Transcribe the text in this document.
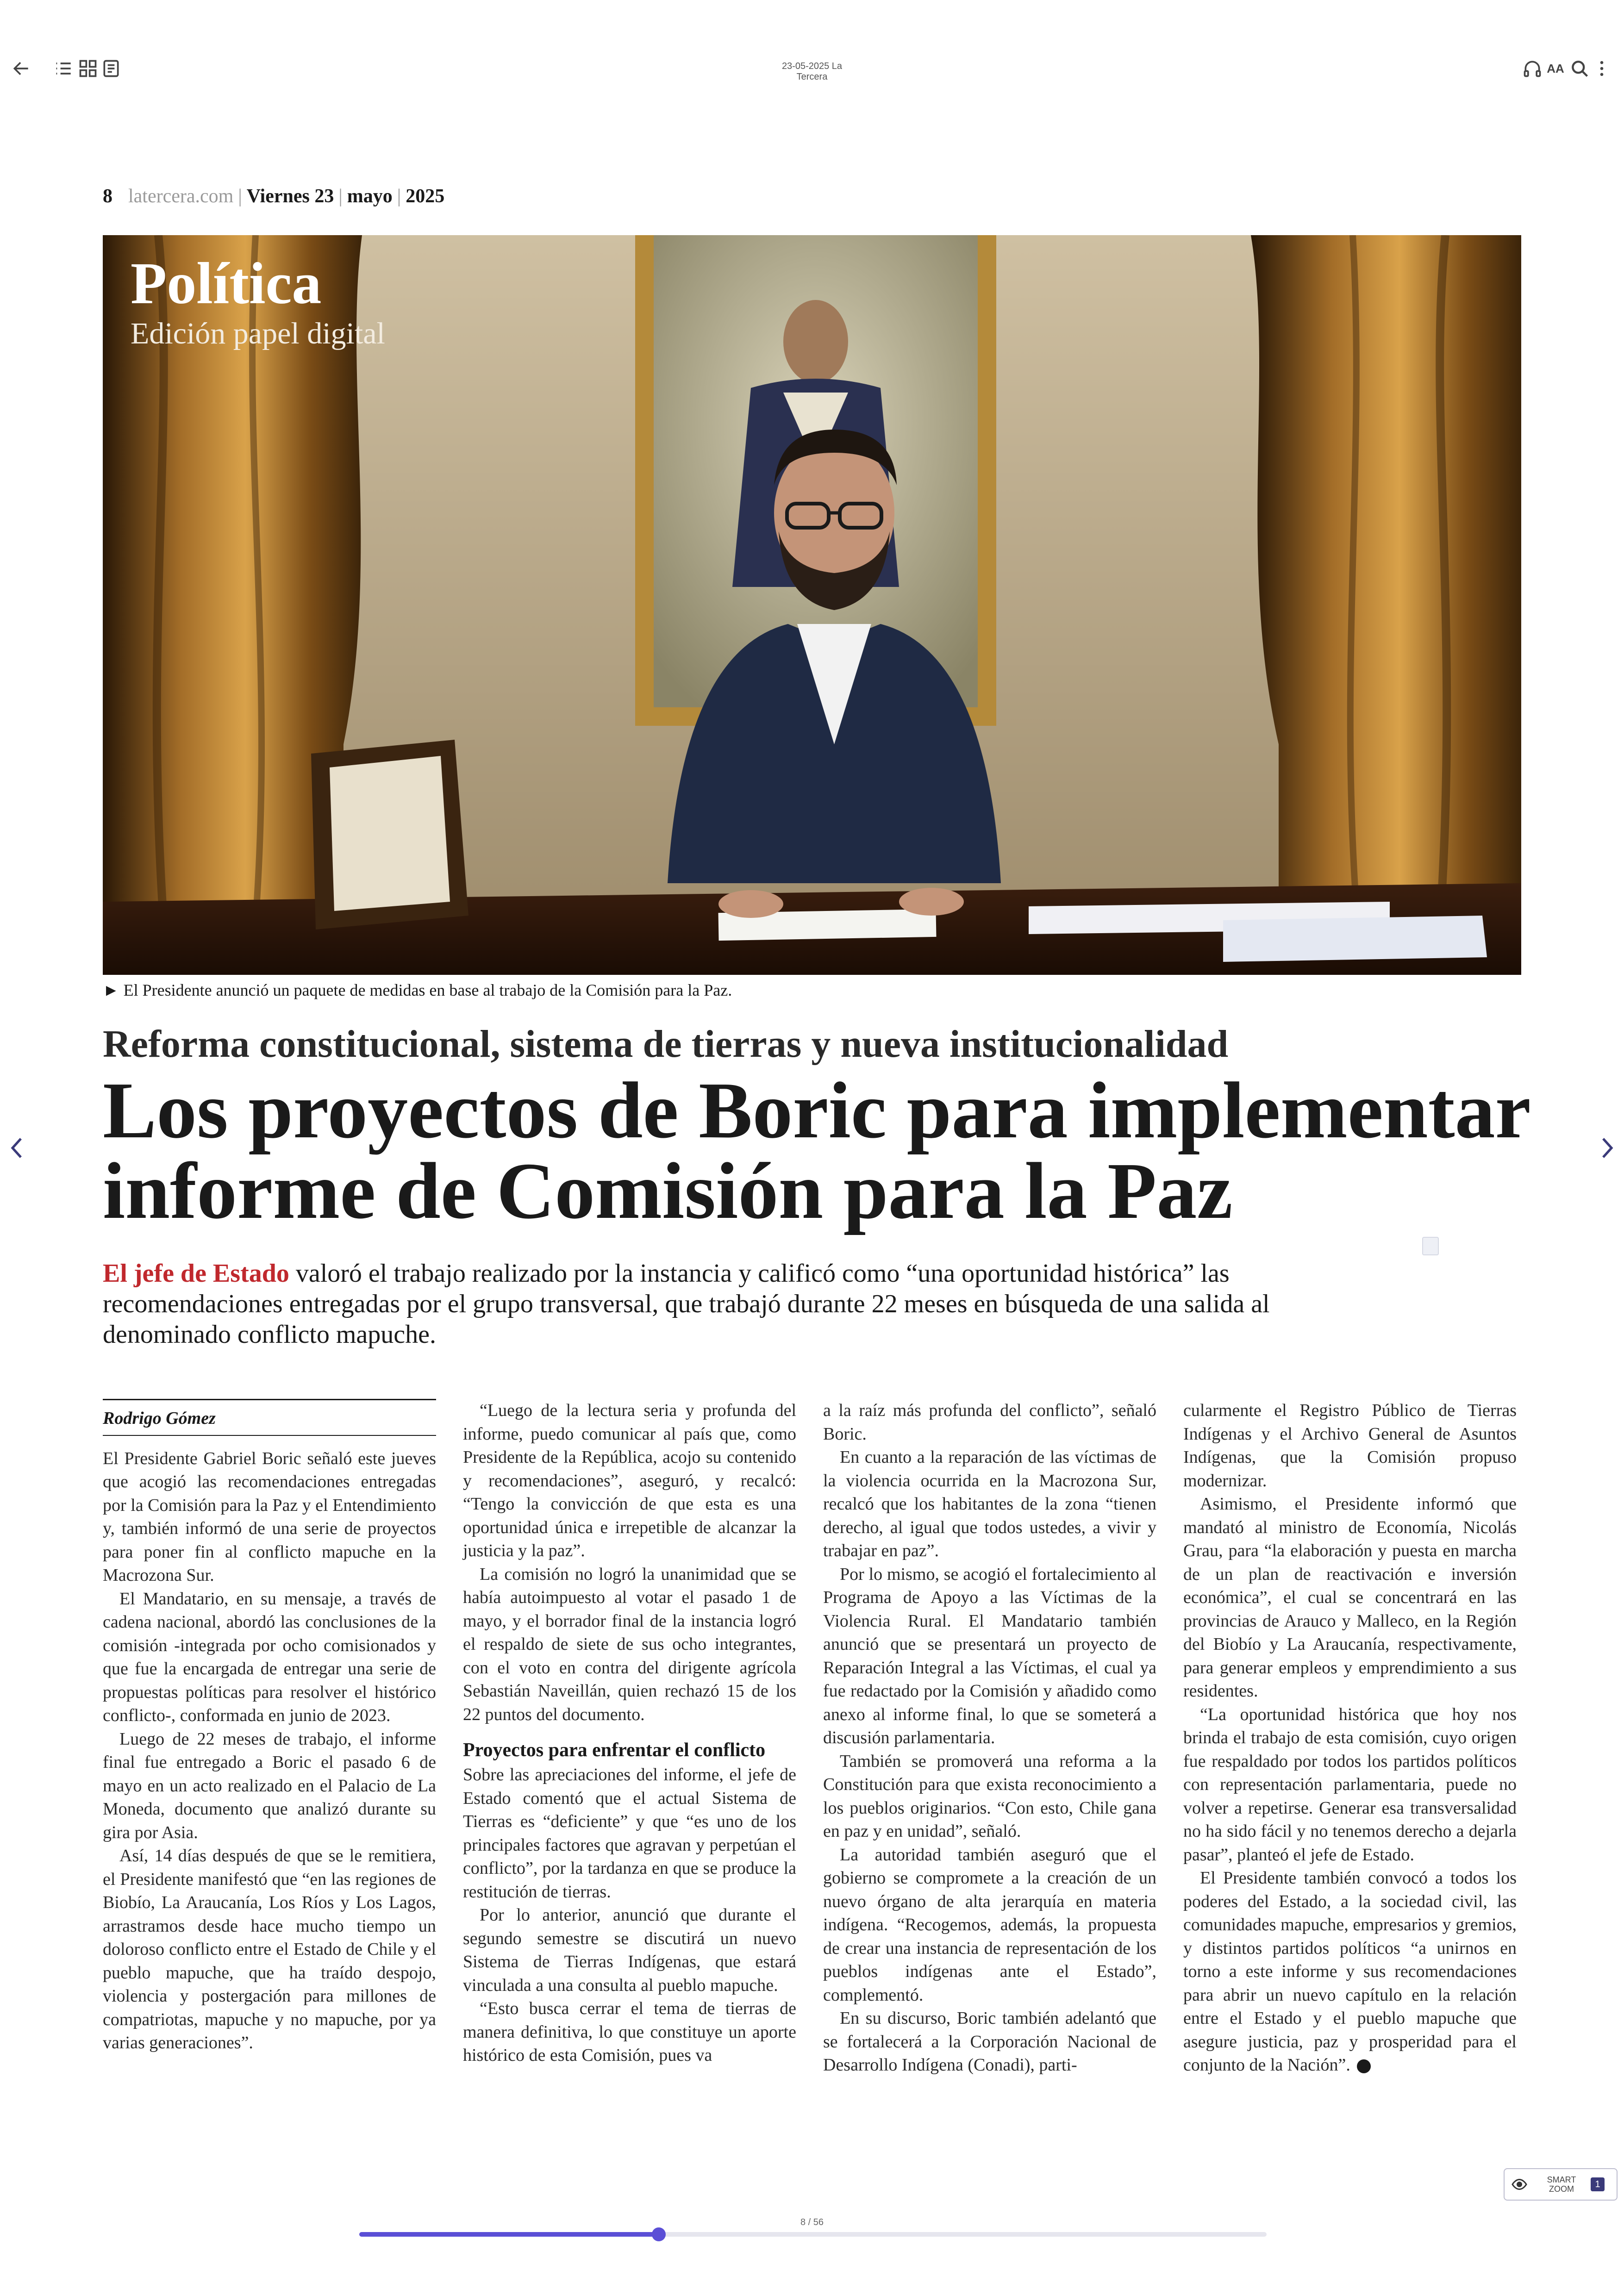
23-05-2025 La Tercera
AA
8 latercera.com | Viernes 23 | mayo | 2025
Política
Edición papel digital
► El Presidente anunció un paquete de medidas en base al trabajo de la Comisión para la Paz.
Reforma constitucional, sistema de tierras y nueva institucionalidad
Los proyectos de Boric para implementar
informe de Comisión para la Paz
El jefe de Estado valoró el trabajo realizado por la instancia y calificó como “una oportunidad histórica” las recomendaciones entregadas por el grupo transversal, que trabajó durante 22 meses en búsqueda de una salida al denominado conflicto mapuche.
Rodrigo Gómez

El Presidente Gabriel Boric señaló este jueves que acogió las recomendaciones entregadas por la Comisión para la Paz y el Entendimiento y, también informó de una serie de proyectos para poner fin al conflicto mapuche en la Macrozona Sur.

El Mandatario, en su mensaje, a través de cadena nacional, abordó las conclusiones de la comisión -integrada por ocho comisionados y que fue la encargada de entregar una serie de propuestas políticas para resolver el histórico conflicto-, conformada en junio de 2023.

Luego de 22 meses de trabajo, el informe final fue entregado a Boric el pasado 6 de mayo en un acto realizado en el Palacio de La Moneda, documento que analizó durante su gira por Asia.

Así, 14 días después de que se le remitiera, el Presidente manifestó que “en las regiones de Biobío, La Araucanía, Los Ríos y Los Lagos, arrastramos desde hace mucho tiempo un doloroso conflicto entre el Estado de Chile y el pueblo mapuche, que ha traído despojo, violencia y postergación para millones de compatriotas, mapuche y no mapuche, por ya varias generaciones”.

“Luego de la lectura seria y profunda del informe, puedo comunicar al país que, como Presidente de la República, acojo su contenido y recomendaciones”, aseguró, y recalcó: “Tengo la convicción de que esta es una oportunidad única e irrepetible de alcanzar la justicia y la paz”.

La comisión no logró la unanimidad que se había autoimpuesto al votar el pasado 1 de mayo, y el borrador final de la instancia logró el respaldo de siete de sus ocho integrantes, con el voto en contra del dirigente agrícola Sebastián Naveillán, quien rechazó 15 de los 22 puntos del documento.

Proyectos para enfrentar el conflicto

Sobre las apreciaciones del informe, el jefe de Estado comentó que el actual Sistema de Tierras es “deficiente” y que “es uno de los principales factores que agravan y perpetúan el conflicto”, por la tardanza en que se produce la restitución de tierras.

Por lo anterior, anunció que durante el segundo semestre se discutirá un nuevo Sistema de Tierras Indígenas, que estará vinculada a una consulta al pueblo mapuche.

“Esto busca cerrar el tema de tierras de manera definitiva, lo que constituye un aporte histórico de esta Comisión, pues va

a la raíz más profunda del conflicto”, señaló Boric.

En cuanto a la reparación de las víctimas de la violencia ocurrida en la Macrozona Sur, recalcó que los habitantes de la zona “tienen derecho, al igual que todos ustedes, a vivir y trabajar en paz”.

Por lo mismo, se acogió el fortalecimiento al Programa de Apoyo a las Víctimas de la Violencia Rural. El Mandatario también anunció que se presentará un proyecto de Reparación Integral a las Víctimas, el cual ya fue redactado por la Comisión y añadido como anexo al informe final, lo que se someterá a discusión parlamentaria.

También se promoverá una reforma a la Constitución para que exista reconocimiento a los pueblos originarios. “Con esto, Chile gana en paz y en unidad”, señaló.

La autoridad también aseguró que el gobierno se compromete a la creación de un nuevo órgano de alta jerarquía en materia indígena. “Recogemos, además, la propuesta de crear una instancia de representación de los pueblos indígenas ante el Estado”, complementó.

En su discurso, Boric también adelantó que se fortalecerá a la Corporación Nacional de Desarrollo Indígena (Conadi), parti-

cularmente el Registro Público de Tierras Indígenas y el Archivo General de Asuntos Indígenas, que la Comisión propuso modernizar.

Asimismo, el Presidente informó que mandató al ministro de Economía, Nicolás Grau, para “la elaboración y puesta en marcha de un plan de reactivación e inversión económica”, el cual se concentrará en las provincias de Arauco y Malleco, en la Región del Biobío y La Araucanía, respectivamente, para generar empleos y emprendimiento a sus residentes.

“La oportunidad histórica que hoy nos brinda el trabajo de esta comisión, cuyo origen fue respaldado por todos los partidos políticos con representación parlamentaria, puede no volver a repetirse. Generar esa transversalidad no ha sido fácil y no tenemos derecho a dejarla pasar”, planteó el jefe de Estado.

El Presidente también convocó a todos los poderes del Estado, a la sociedad civil, las comunidades mapuche, empresarios y gremios, y distintos partidos políticos “a unirnos en torno a este informe y sus recomendaciones para abrir un nuevo capítulo en la relación entre el Estado y el pueblo mapuche que asegure justicia, paz y prosperidad para el conjunto de la Nación”.

8 / 56
SMART ZOOM	1
